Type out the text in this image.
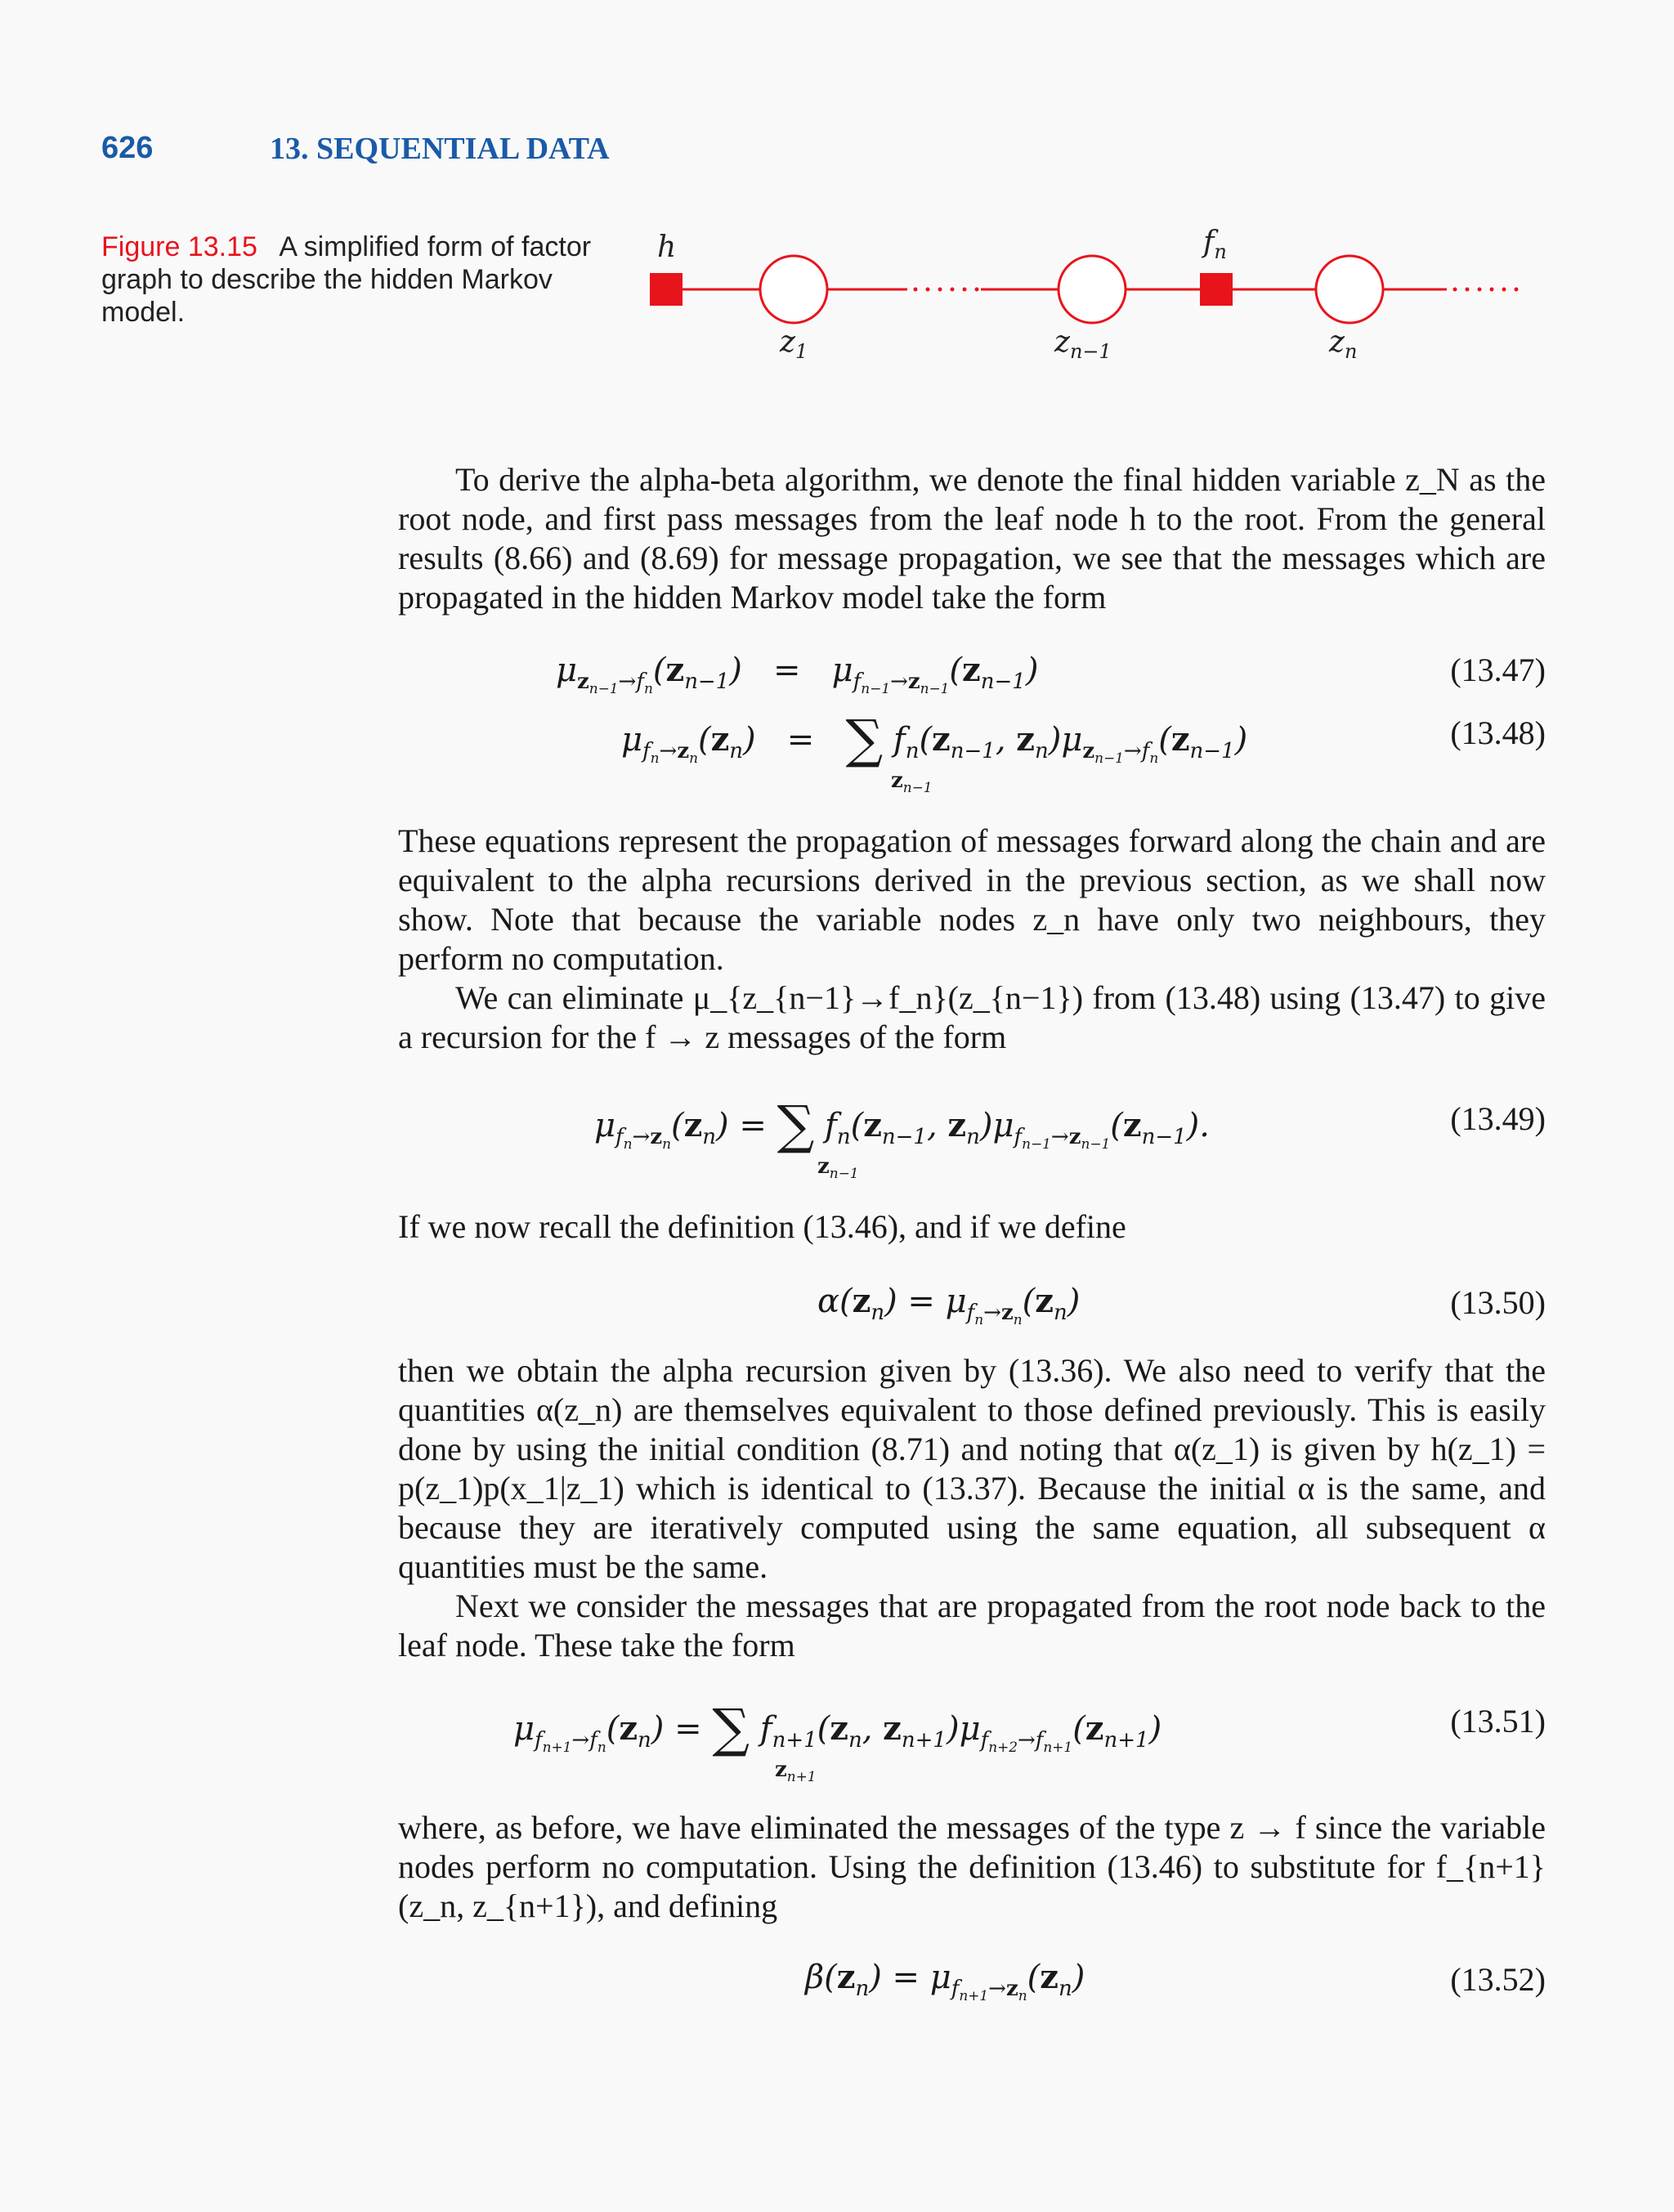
626	13. SEQUENTIAL DATA
Figure 13.15 A simplified form of factor graph to describe the hidden Markov model.
h	$f_n$
$z_1$	$z_{n-1}$	$z_n$
To derive the alpha-beta algorithm, we denote the final hidden variable z_N as the root node, and first pass messages from the leaf node h to the root. From the general results (8.66) and (8.69) for message propagation, we see that the messages which are propagated in the hidden Markov model take the form
$\mu_{z_{n-1}\to f_n}(z_{n-1}) = \mu_{f_{n-1}\to z_{n-1}}(z_{n-1})$	(13.47)
$\mu_{f_n\to z_n}(z_n)$   =   ∑ $f_n(z_{n-1}$, $z_n)\mu_{z_{n-1}\to f_n}(z_{n-1})$
$z_{n-1}$
(13.48)
These equations represent the propagation of messages forward along the chain and are equivalent to the alpha recursions derived in the previous section, as we shall now show. Note that because the variable nodes z_n have only two neighbours, they perform no computation.
We can eliminate μ_{z_{n−1}→f_n}(z_{n−1}) from (13.48) using (13.47) to give a recursion for the f → z messages of the form
$\mu_{f_n\to z_n}(z_n)$ = ∑ $f_n(z_{n-1}$, $z_n)\mu_{f_{n-1}\to z_{n-1}}(z_{n-1})$.
$z_{n-1}$
(13.49)
If we now recall the definition (13.46), and if we define
$\alpha(z_n) = \mu_{f_n\to z_n}(z_n)$	(13.50)
then we obtain the alpha recursion given by (13.36). We also need to verify that the quantities α(z_n) are themselves equivalent to those defined previously. This is easily done by using the initial condition (8.71) and noting that α(z_1) is given by h(z_1) = p(z_1)p(x_1|z_1) which is identical to (13.37). Because the initial α is the same, and because they are iteratively computed using the same equation, all subsequent α quantities must be the same.
Next we consider the messages that are propagated from the root node back to the leaf node. These take the form
$\mu_{f_{n+1}\to f_n}(z_n)$ = ∑ $f_{n+1}(z_n$, $z_{n+1})\mu_{f_{n+2}\to f_{n+1}}(z_{n+1})$
$z_{n+1}$
(13.51)
where, as before, we have eliminated the messages of the type z → f since the variable nodes perform no computation. Using the definition (13.46) to substitute for f_{n+1}(z_n, z_{n+1}), and defining
$\beta(z_n) = \mu_{f_{n+1}\to z_n}(z_n)$	(13.52)
